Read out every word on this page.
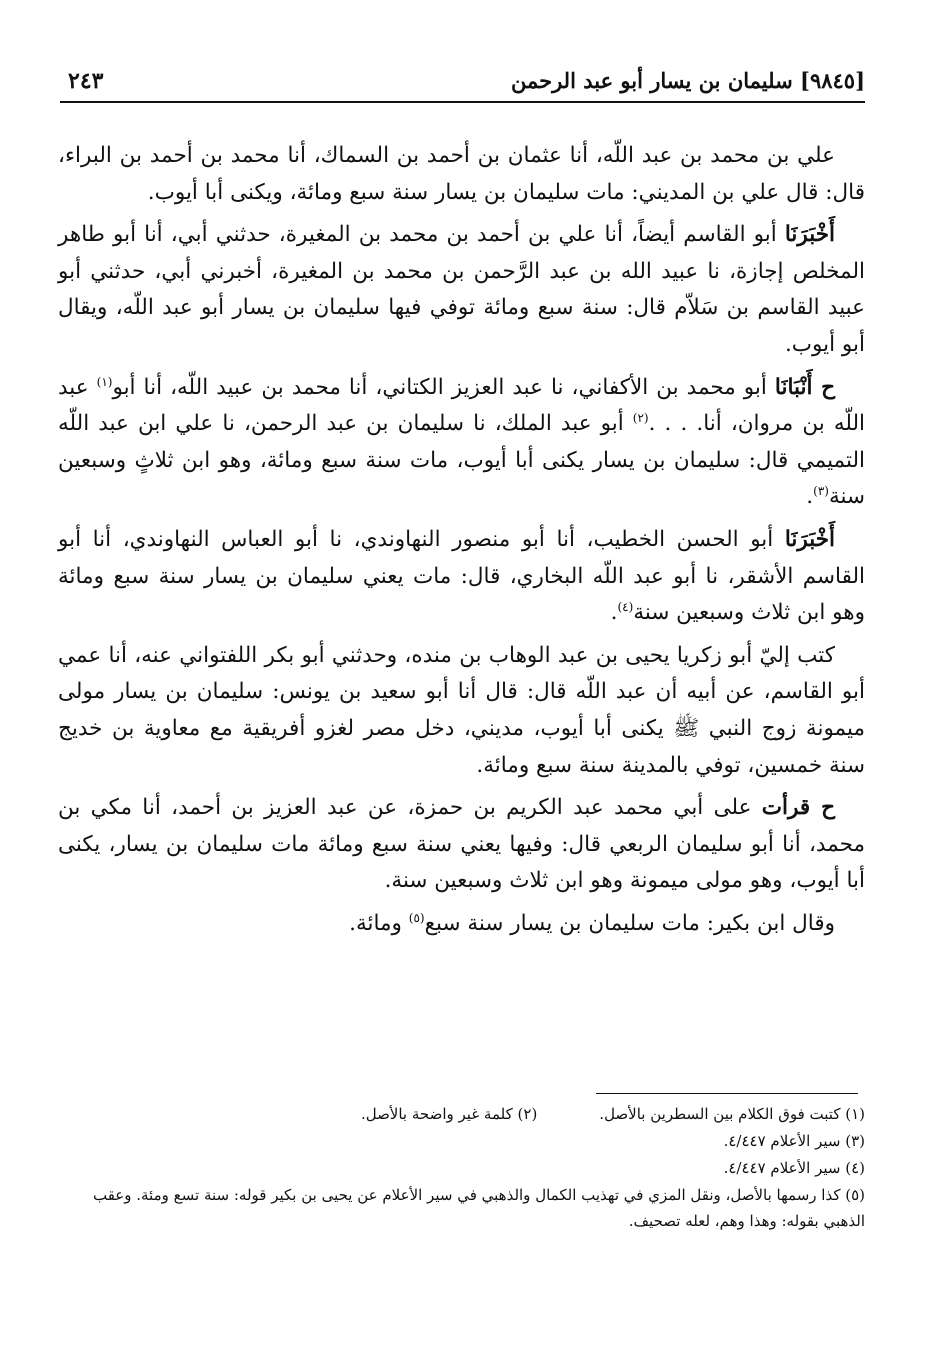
[٩٨٤٥] سليمان بن يسار أبو عبد الرحمن
٢٤٣

علي بن محمد بن عبد اللّه، أنا عثمان بن أحمد بن السماك، أنا محمد بن أحمد بن البراء، قال: قال علي بن المديني: مات سليمان بن يسار سنة سبع ومائة، ويكنى أبا أيوب.

أَخْبَرَنَا أبو القاسم أيضاً، أنا علي بن أحمد بن محمد بن المغيرة، حدثني أبي، أنا أبو طاهر المخلص إجازة، نا عبيد الله بن عبد الرَّحمن بن محمد بن المغيرة، أخبرني أبي، حدثني أبو عبيد القاسم بن سَلاّم قال: سنة سبع ومائة توفي فيها سليمان بن يسار أبو عبد اللّه، ويقال أبو أيوب.

ح أَنْبَانَا أبو محمد بن الأكفاني، نا عبد العزيز الكتاني، أنا محمد بن عبيد اللّه، أنا أبو$^{(١)}$ عبد اللّه بن مروان، أنا. . . .$^{(٢)}$ أبو عبد الملك، نا سليمان بن عبد الرحمن، نا علي ابن عبد اللّه التميمي قال: سليمان بن يسار يكنى أبا أيوب، مات سنة سبع ومائة، وهو ابن ثلاثٍ وسبعين سنة$^{(٣)}$.

أَخْبَرَنَا أبو الحسن الخطيب، أنا أبو منصور النهاوندي، نا أبو العباس النهاوندي، أنا أبو القاسم الأشقر، نا أبو عبد اللّه البخاري، قال: مات يعني سليمان بن يسار سنة سبع ومائة وهو ابن ثلاث وسبعين سنة$^{(٤)}$.

كتب إليّ أبو زكريا يحيى بن عبد الوهاب بن منده، وحدثني أبو بكر اللفتواني عنه، أنا عمي أبو القاسم، عن أبيه أن عبد اللّه قال: قال أنا أبو سعيد بن يونس: سليمان بن يسار مولى ميمونة زوج النبي ﷺ يكنى أبا أيوب، مديني، دخل مصر لغزو أفريقية مع معاوية بن خديج سنة خمسين، توفي بالمدينة سنة سبع ومائة.

ح قرأت على أبي محمد عبد الكريم بن حمزة، عن عبد العزيز بن أحمد، أنا مكي بن محمد، أنا أبو سليمان الربعي قال: وفيها يعني سنة سبع ومائة مات سليمان بن يسار، يكنى أبا أيوب، وهو مولى ميمونة وهو ابن ثلاث وسبعين سنة.

وقال ابن بكير: مات سليمان بن يسار سنة سبع$^{(٥)}$ ومائة.

(١) كتبت فوق الكلام بين السطرين بالأصل.

(٢) كلمة غير واضحة بالأصل.

(٣) سير الأعلام ٤/٤٤٧.

(٤) سير الأعلام ٤/٤٤٧.

(٥) كذا رسمها بالأصل، ونقل المزي في تهذيب الكمال والذهبي في سير الأعلام عن يحيى بن بكير قوله: سنة تسع ومئة. وعقب الذهبي بقوله: وهذا وهم، لعله تصحيف.
